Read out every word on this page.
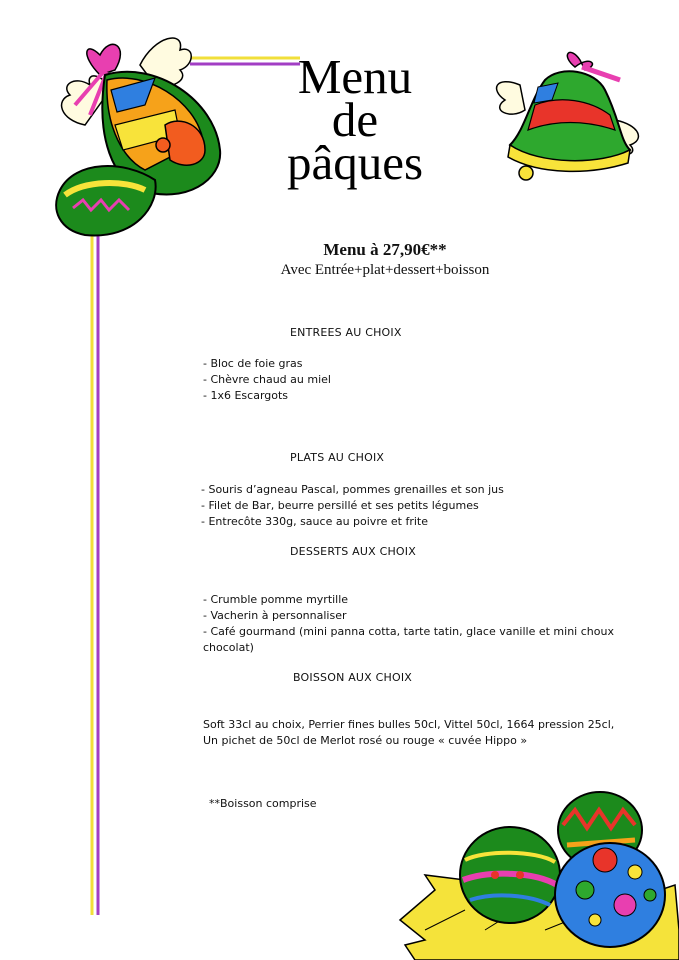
Menu
de
pâques
Menu à 27,90€**
Avec Entrée+plat+dessert+boisson
ENTREES AU CHOIX
- Bloc de foie gras
- Chèvre chaud au miel
- 1x6 Escargots
PLATS AU CHOIX
- Souris d’agneau Pascal, pommes grenailles et son jus
- Filet de Bar, beurre persillé et ses petits légumes
- Entrecôte 330g, sauce au poivre et frite
DESSERTS AUX CHOIX
- Crumble pomme myrtille
- Vacherin à personnaliser
- Café gourmand (mini panna cotta, tarte tatin, glace vanille et mini choux
chocolat)
BOISSON AUX CHOIX
Soft 33cl au choix, Perrier fines bulles 50cl, Vittel 50cl, 1664 pression 25cl,
Un pichet de 50cl de Merlot rosé ou rouge « cuvée Hippo »
**Boisson comprise
